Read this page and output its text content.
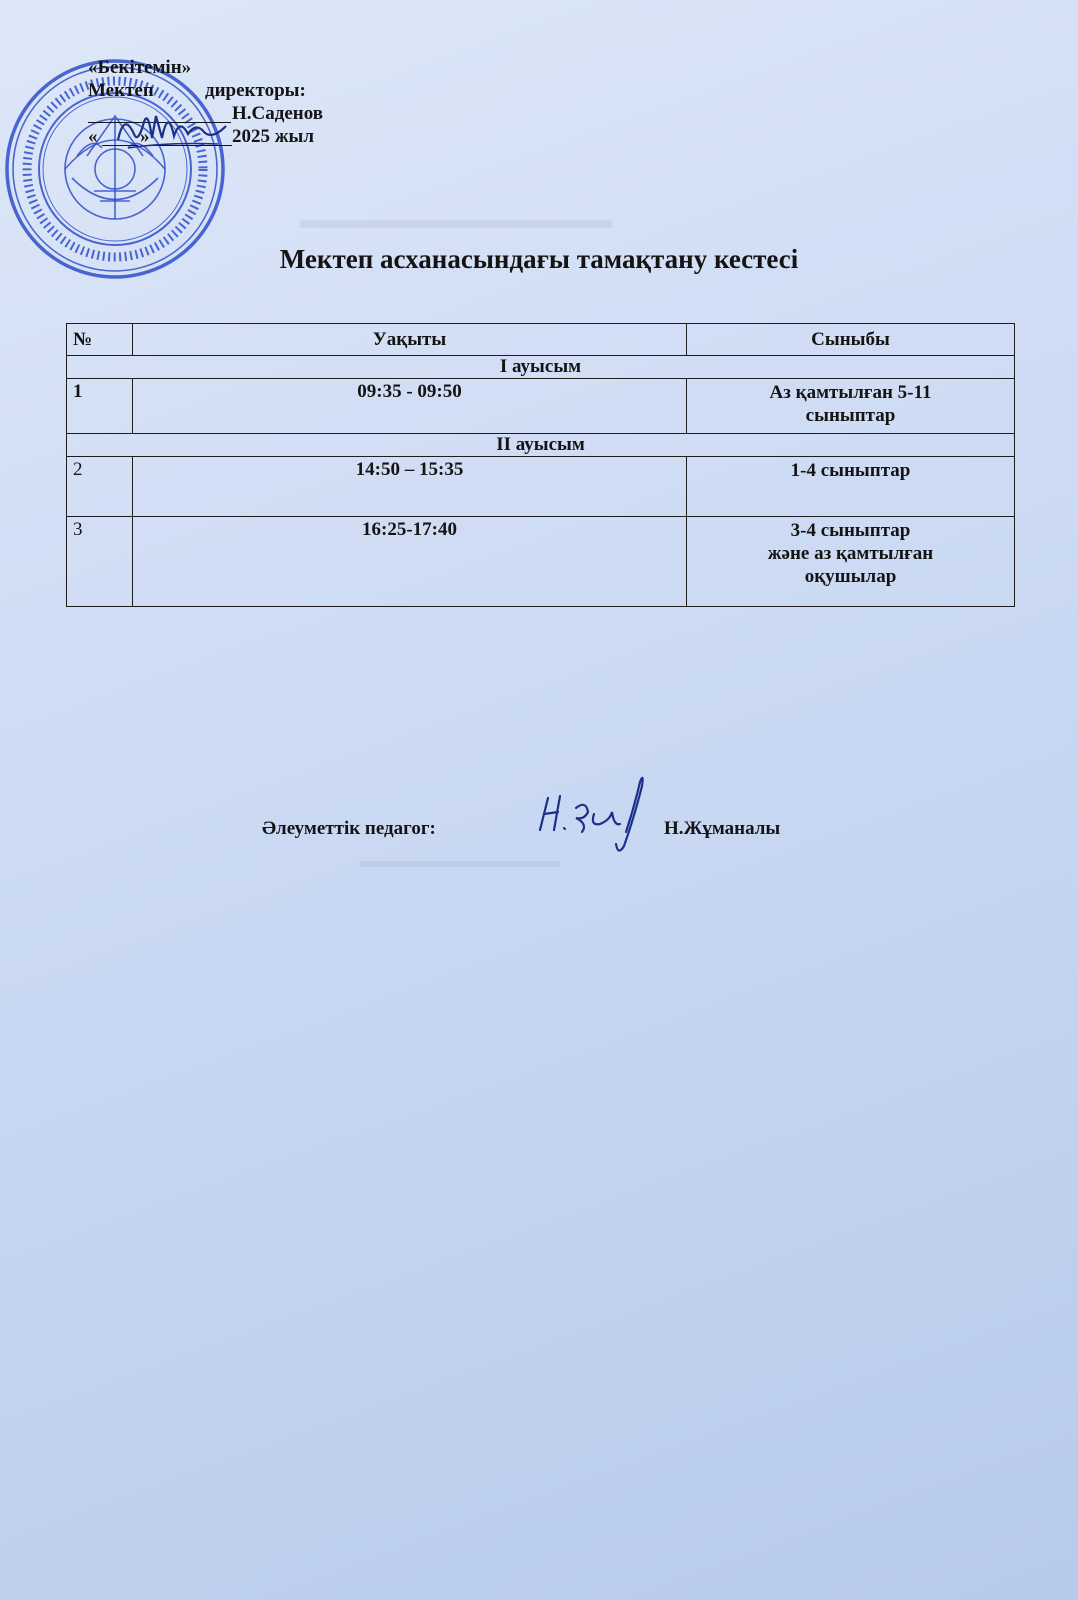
▬▬▬▬▬▬▬▬▬▬▬▬
▬▬▬▬▬▬▬▬▬▬
«Бекітемін»
Мектеп	директоры:
Н.Саденов
« »	2025 жыл
Мектеп асханасындағы тамақтану кестесі
№	Уақыты	Сыныбы
І ауысым		
1	09:35 - 09:50	Аз қамтылған 5-11
сыныптар

ІІ ауысым		
2	14:50 – 15:35	1-4 сыныптар

3	16:25-17:40	3-4 сыныптар
және аз қамтылған
оқушылар
Әлеуметтік педагог:	Н.Жұманалы
